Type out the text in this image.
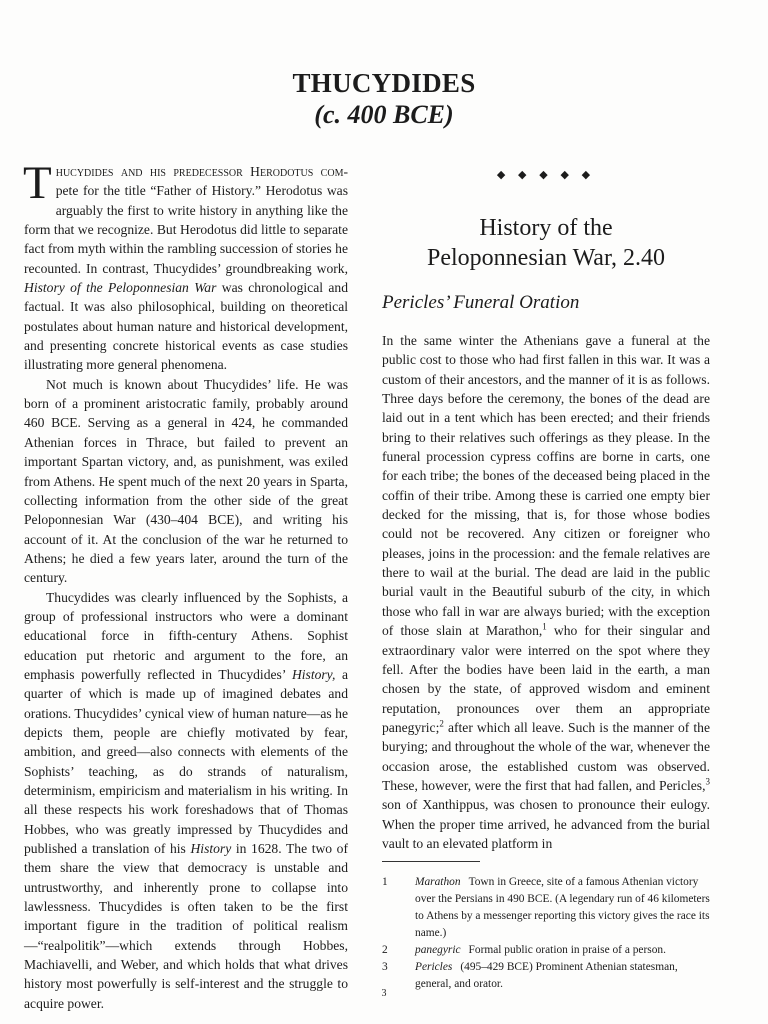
THUCYDIDES
(c. 400 BCE)

Thucydides and his predecessor Herodotus com- pete for the title “Father of History.” Herodotus was arguably the first to write history in anything like the form that we recognize. But Herodotus did little to separate fact from myth within the rambling succession of stories he recounted. In contrast, Thucydides’ groundbreaking work, History of the Peloponnesian War was chronological and factual. It was also philosophical, building on theoretical postulates about human nature and historical development, and presenting concrete historical events as case studies illustrating more general phenomena.

Not much is known about Thucydides’ life. He was born of a prominent aristocratic family, probably around 460 BCE. Serving as a general in 424, he commanded Athenian forces in Thrace, but failed to prevent an important Spartan victory, and, as punishment, was exiled from Athens. He spent much of the next 20 years in Sparta, collecting information from the other side of the great Peloponnesian War (430–404 BCE), and writing his account of it. At the conclusion of the war he returned to Athens; he died a few years later, around the turn of the century.

Thucydides was clearly influenced by the Sophists, a group of professional instructors who were a dominant educational force in fifth-century Athens. Sophist education put rhetoric and argument to the fore, an emphasis powerfully reflected in Thucydides’ History, a quarter of which is made up of imagined debates and orations. Thucydides’ cynical view of human nature—as he depicts them, people are chiefly motivated by fear, ambition, and greed—also connects with elements of the Sophists’ teaching, as do strands of naturalism, determinism, empiricism and materialism in his writing. In all these respects his work foreshadows that of Thomas Hobbes, who was greatly impressed by Thucydides and published a translation of his History in 1628. The two of them share the view that democracy is unstable and untrustworthy, and inherently prone to collapse into lawlessness. Thucydides is often taken to be the first important figure in the tradition of political realism—“realpolitik”—which extends through Hobbes, Machiavelli, and Weber, and which holds that what drives history most powerfully is self-interest and the struggle to acquire power.

◆ ◆ ◆ ◆ ◆
History of the
Peloponnesian War, 2.40
Pericles’ Funeral Oration

In the same winter the Athenians gave a funeral at the public cost to those who had first fallen in this war. It was a custom of their ancestors, and the manner of it is as follows. Three days before the ceremony, the bones of the dead are laid out in a tent which has been erected; and their friends bring to their relatives such offerings as they please. In the funeral procession cypress coffins are borne in carts, one for each tribe; the bones of the deceased being placed in the coffin of their tribe. Among these is carried one empty bier decked for the missing, that is, for those whose bodies could not be recovered. Any citizen or foreigner who pleases, joins in the procession: and the female relatives are there to wail at the burial. The dead are laid in the public burial vault in the Beautiful suburb of the city, in which those who fall in war are always buried; with the exception of those slain at Marathon,$^1$ who for their singular and extraordinary valor were interred on the spot where they fell. After the bodies have been laid in the earth, a man chosen by the state, of approved wisdom and eminent reputation, pronounces over them an appropriate panegyric;$^2$ after which all leave. Such is the manner of the burying; and throughout the whole of the war, whenever the occasion arose, the established custom was observed. These, however, were the first that had fallen, and Pericles,$^3$ son of Xanthippus, was chosen to pronounce their eulogy. When the proper time arrived, he advanced from the burial vault to an elevated platform in

1 Marathon Town in Greece, site of a famous Athenian victory over the Persians in 490 BCE. (A legendary run of 46 kilometers to Athens by a messenger reporting this victory gives the race its name.)
2 panegyric Formal public oration in praise of a person.
3 Pericles (495–429 BCE) Prominent Athenian statesman, general, and orator.
3
